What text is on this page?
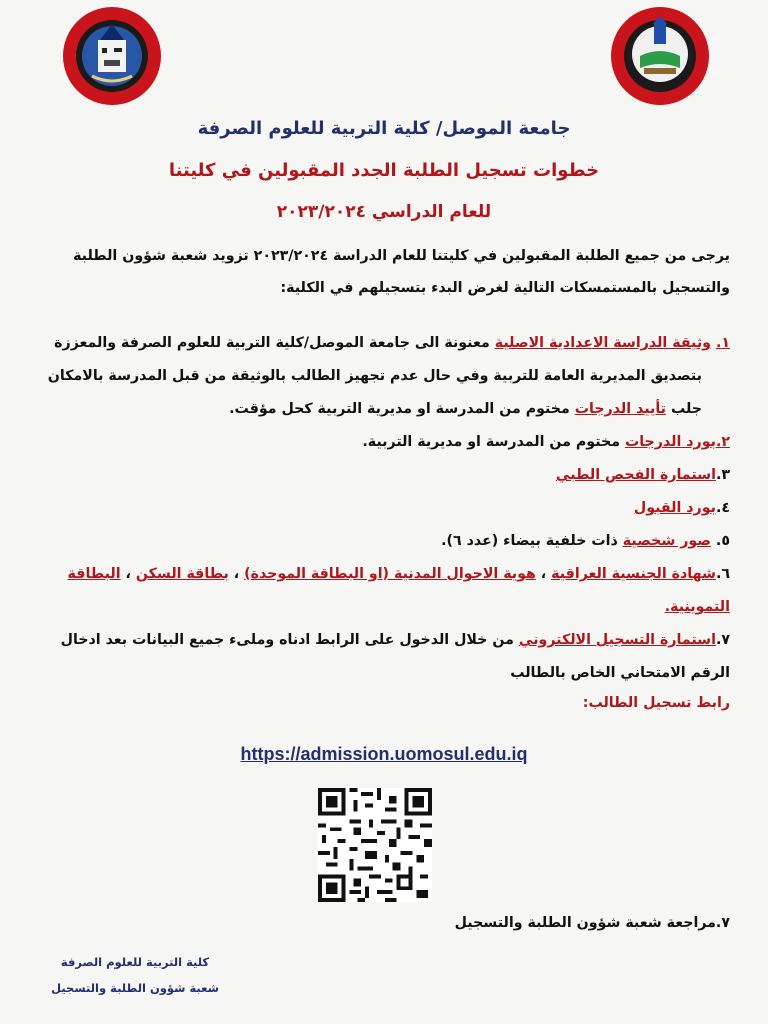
جامعة الموصل/ كلية التربية للعلوم الصرفة
خطوات تسجيل الطلبة الجدد المقبولين في كليتنا
للعام الدراسي ٢٠٢٣/٢٠٢٤
يرجى من جميع الطلبة المقبولين في كليتنا للعام الدراسة ٢٠٢٣/٢٠٢٤ تزويد شعبة شؤون الطلبة
والتسجيل بالمستمسكات التالية لغرض البدء بتسجيلهم في الكلية:
١. وثيقة الدراسة الاعدادية الاصلية معنونة الى جامعة الموصل/كلية التربية للعلوم الصرفة والمعززة
بتصديق المديرية العامة للتربية وفي حال عدم تجهيز الطالب بالوثيقة من قبل المدرسة بالامكان
جلب تأييد الدرجات مختوم من المدرسة او مديرية التربية كحل مؤقت.
٢.بورد الدرجات مختوم من المدرسة او مديرية التربية.
٣.استمارة الفحص الطبي
٤.بورد القبول
٥. صور شخصية ذات خلفية بيضاء (عدد ٦).
٦.شهادة الجنسية العراقية ، هوية الاحوال المدنية (او البطاقة الموحدة) ، بطاقة السكن ، البطاقة
التموينية.
٧.استمارة التسجيل الالكتروني من خلال الدخول على الرابط ادناه وملىء جميع البيانات بعد ادخال
الرقم الامتحاني الخاص بالطالب
رابط تسجيل الطالب:
https://admission.uomosul.edu.iq
٧.مراجعة شعبة شؤون الطلبة والتسجيل
كلية التربية للعلوم الصرفة
شعبة شؤون الطلبة والتسجيل
